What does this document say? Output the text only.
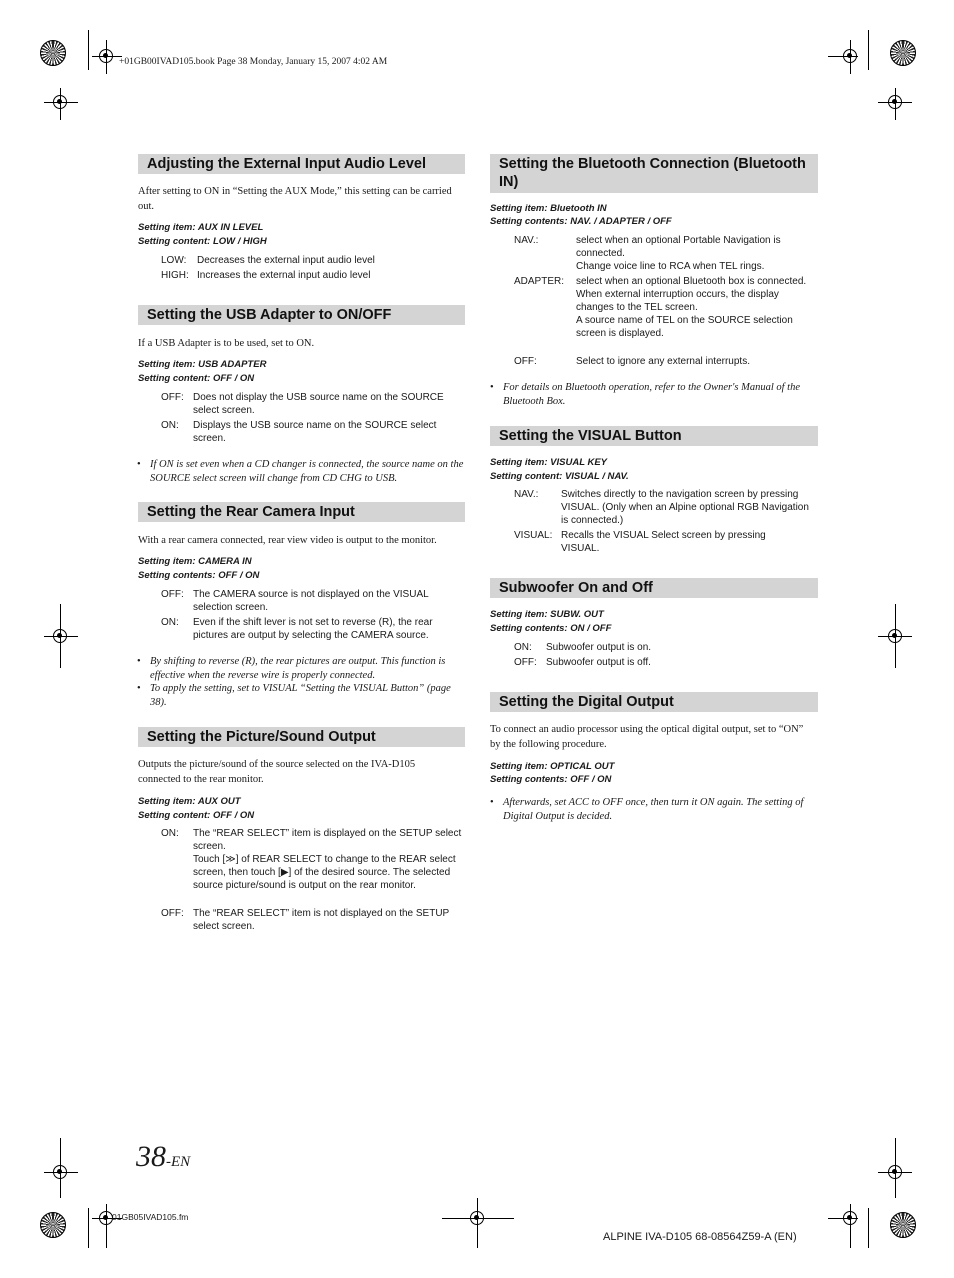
+01GB00IVAD105.book Page 38 Monday, January 15, 2007 4:02 AM
Adjusting the External Input Audio Level
After setting to ON in “Setting the AUX Mode,” this setting can be carried out.
Setting item: AUX IN LEVEL
Setting content: LOW / HIGH
LOW:	Decreases the external input audio level
HIGH: Increases the external input audio level
Setting the USB Adapter to ON/OFF
If a USB Adapter is to be used, set to ON.
Setting item: USB ADAPTER
Setting content: OFF / ON
OFF: Does not display the USB source name on the SOURCE select screen.
ON:	Displays the USB source name on the SOURCE select screen.
• If ON is set even when a CD changer is connected, the source name on the SOURCE select screen will change from CD CHG to USB.
Setting the Rear Camera Input
With a rear camera connected, rear view video is output to the monitor.
Setting item: CAMERA IN
Setting contents: OFF / ON
OFF: The CAMERA source is not displayed on the VISUAL selection screen.
ON:	Even if the shift lever is not set to reverse (R), the rear pictures are output by selecting the CAMERA source.
• By shifting to reverse (R), the rear pictures are output. This function is effective when the reverse wire is properly connected.
• To apply the setting, set to VISUAL “Setting the VISUAL Button” (page 38).
Setting the Picture/Sound Output
Outputs the picture/sound of the source selected on the IVA-D105 connected to the rear monitor.
Setting item: AUX OUT
Setting content: OFF / ON
ON:	The “REAR SELECT” item is displayed on the SETUP select screen.
Touch [≫] of REAR SELECT to change to the REAR select screen, then touch [▶] of the desired source. The selected source picture/sound is output on the rear monitor.
OFF: The “REAR SELECT” item is not displayed on the SETUP select screen.
Setting the Bluetooth Connection (Bluetooth IN)
Setting item: Bluetooth IN
Setting contents: NAV. / ADAPTER / OFF
NAV.:	select when an optional Portable Navigation is connected.
Change voice line to RCA when TEL rings.
ADAPTER:	select when an optional Bluetooth box is connected.
When external interruption occurs, the display changes to the TEL screen.
A source name of TEL on the SOURCE selection screen is displayed.
OFF:	Select to ignore any external interrupts.
• For details on Bluetooth operation, refer to the Owner's Manual of the Bluetooth Box.
Setting the VISUAL Button
Setting item: VISUAL KEY
Setting content: VISUAL / NAV.
NAV.:	Switches directly to the navigation screen by pressing VISUAL. (Only when an Alpine optional RGB Navigation is connected.)
VISUAL: Recalls the VISUAL Select screen by pressing VISUAL.
Subwoofer On and Off
Setting item: SUBW. OUT
Setting contents: ON / OFF
ON:	Subwoofer output is on.
OFF: Subwoofer output is off.
Setting the Digital Output
To connect an audio processor using the optical digital output, set to “ON” by the following procedure.
Setting item: OPTICAL OUT
Setting contents: OFF / ON
• Afterwards, set ACC to OFF once, then turn it ON again. The setting of Digital Output is decided.
38-EN
01GB05IVAD105.fm
ALPINE IVA-D105 68-08564Z59-A (EN)
